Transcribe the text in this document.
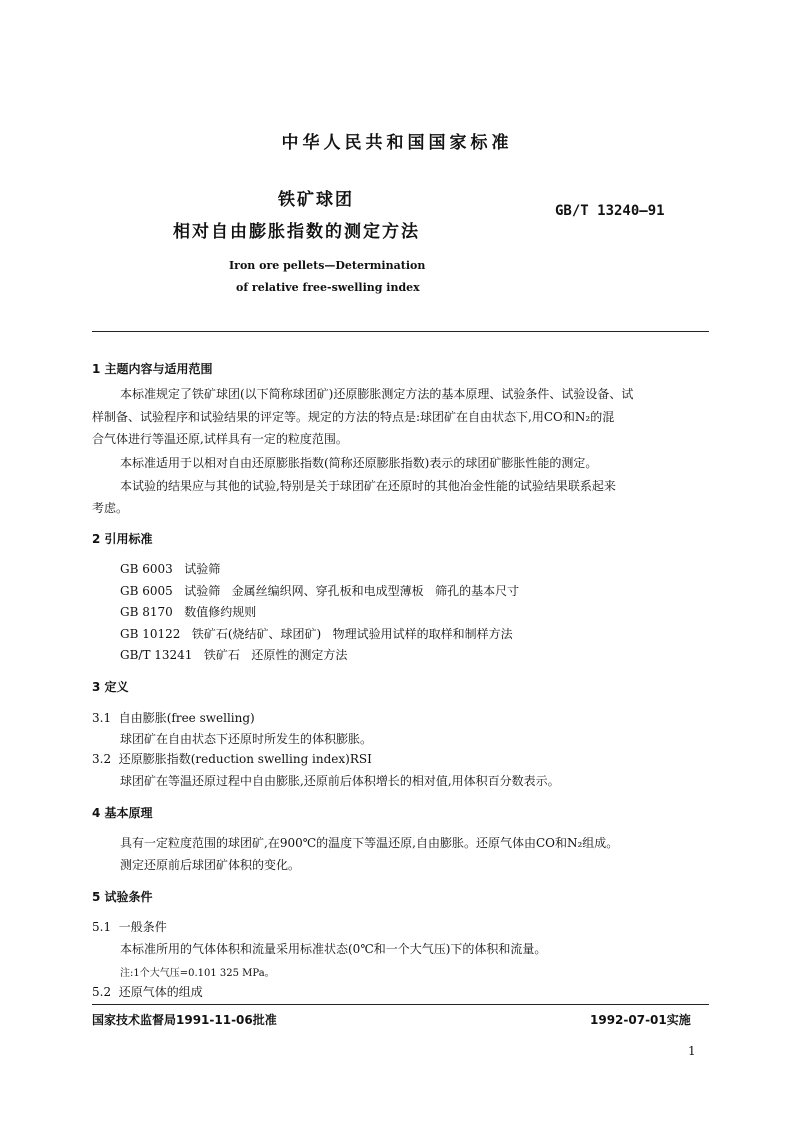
中华人民共和国国家标准
铁矿球团
相对自由膨胀指数的测定方法
GB/T 13240—91
Iron ore pellets—Determination
of relative free-swelling index
1 主题内容与适用范围
本标准规定了铁矿球团(以下简称球团矿)还原膨胀测定方法的基本原理、试验条件、试验设备、试
样制备、试验程序和试验结果的评定等。规定的方法的特点是:球团矿在自由状态下,用CO和N₂的混
合气体进行等温还原,试样具有一定的粒度范围。
本标准适用于以相对自由还原膨胀指数(简称还原膨胀指数)表示的球团矿膨胀性能的测定。
本试验的结果应与其他的试验,特别是关于球团矿在还原时的其他冶金性能的试验结果联系起来
考虑。
2 引用标准
GB 6003   试验筛
GB 6005   试验筛   金属丝编织网、穿孔板和电成型薄板   筛孔的基本尺寸
GB 8170   数值修约规则
GB 10122   铁矿石(烧结矿、球团矿)   物理试验用试样的取样和制样方法
GB/T 13241   铁矿石   还原性的测定方法
3 定义
3.1  自由膨胀(free swelling)
球团矿在自由状态下还原时所发生的体积膨胀。
3.2  还原膨胀指数(reduction swelling index)RSI
球团矿在等温还原过程中自由膨胀,还原前后体积增长的相对值,用体积百分数表示。
4 基本原理
具有一定粒度范围的球团矿,在900℃的温度下等温还原,自由膨胀。还原气体由CO和N₂组成。
测定还原前后球团矿体积的变化。
5 试验条件
5.1  一般条件
本标准所用的气体体积和流量采用标准状态(0℃和一个大气压)下的体积和流量。
注:1个大气压=0.101 325 MPa。
5.2  还原气体的组成
国家技术监督局1991-11-06批准	1992-07-01实施
1
